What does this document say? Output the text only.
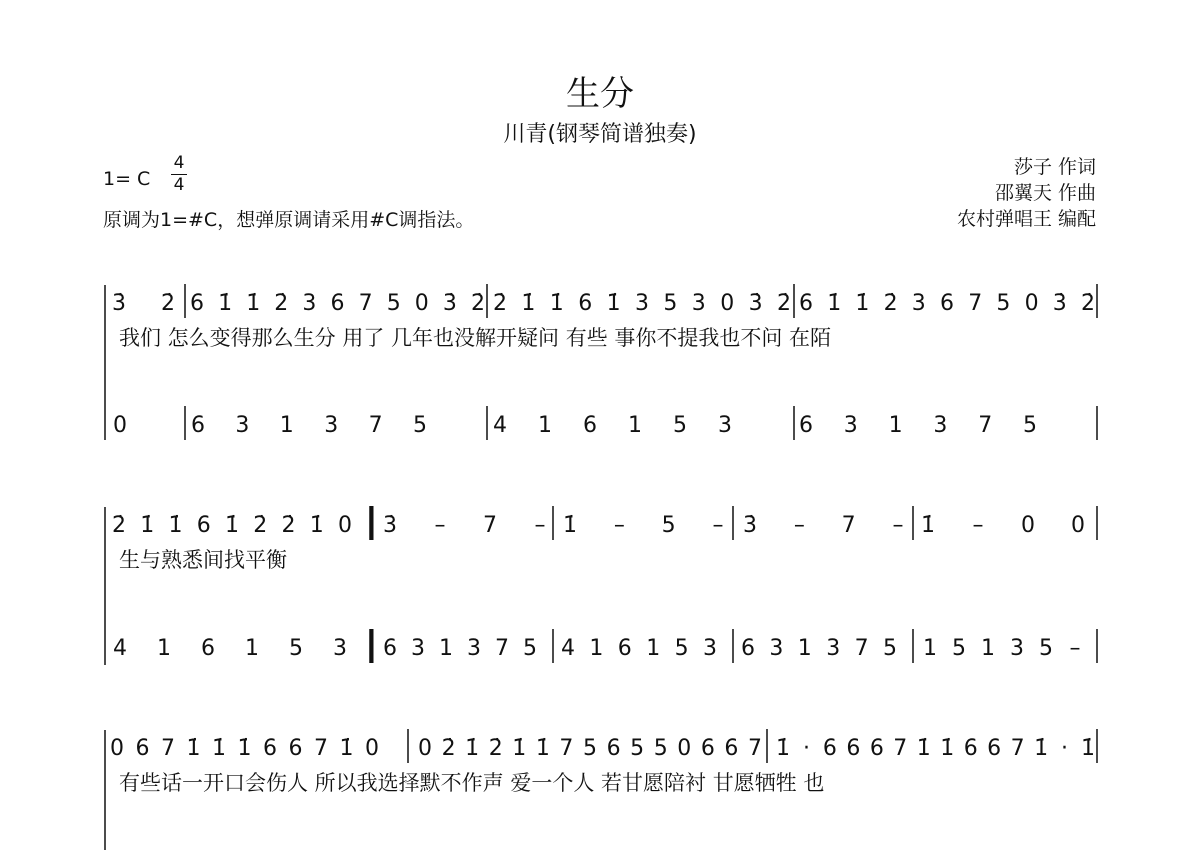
生分
川青(钢琴简谱独奏)
1= C
4
4
原调为1=#C，想弹原调请采用#C调指法。
莎子 作词
邵翼天 作曲
农村弹唱王 编配
3̇ 2̇ 6 1̇ 1̇ 2̇ 3 6 7 5 0 3̇ 2̇ 2̇ 1̇ 1̇ 6 1̇ 3 5 3 0 3̇ 2̇ 6 1̇ 1̇ 2̇ 3 6 7 5 0 3̇ 2̇
我们 怎么变得那么生分 用了 几年也没解开疑问 有些 事你不提我也不问 在陌
0	6 3 1 3 7 5	4 1 6 1 5 3	6 3 1 3 7 5
2̇ 1̇ 1̇ 6 1̇ 2̇ 2̇ 1̇ 0 3̇ – 7 – 1̇ – 5 – 3̇ – 7 – 1̇ – 0 0
生与熟悉间找平衡
4 1 6 1 5 3 6 3 1 3 7 5 4 1 6 1 5 3 6 3 1 3 7 5 1 5 1 3 5 –
0 6 7 1̇ 1̇ 1̇ 6 6 7 1̇ 0 0 2̇ 1̇ 2̇ 1̇ 1̇ 7 5 6 5 5 0 6 6 7 1̇ · 6 6 6 7 1̇ 1̇ 6 6 7 1̇ · 1̇
有些话一开口会伤人 所以我选择默不作声 爱一个人 若甘愿陪衬 甘愿牺牲 也
